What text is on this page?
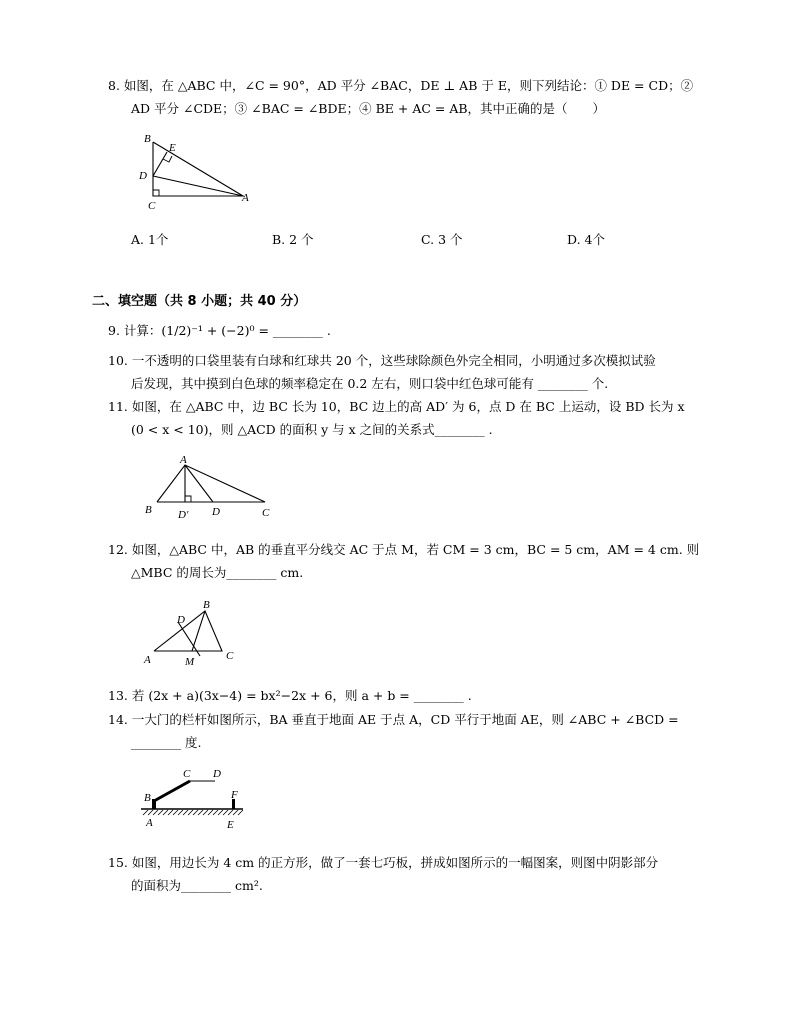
8. 如图，在 △ABC 中，∠C = 90°，AD 平分 ∠BAC，DE ⊥ AB 于 E，则下列结论：① DE = CD；②
AD 平分 ∠CDE；③ ∠BAC = ∠BDE；④ BE + AC = AB，其中正确的是（　　）
B
E
D
C
A
A. 1个	B. 2 个	C. 3 个	D. 4个
二、填空题（共 8 小题；共 40 分）
9. 计算：(1/2)⁻¹ + (−2)⁰ = ________ .
10. 一不透明的口袋里装有白球和红球共 20 个，这些球除颜色外完全相同，小明通过多次模拟试验
后发现，其中摸到白色球的频率稳定在 0.2 左右，则口袋中红色球可能有 ________ 个.
11. 如图，在 △ABC 中，边 BC 长为 10，BC 边上的高 AD′ 为 6，点 D 在 BC 上运动，设 BD 长为 x
(0 < x < 10)，则 △ACD 的面积 y 与 x 之间的关系式________ .
A
B D′ D	C
12. 如图，△ABC 中，AB 的垂直平分线交 AC 于点 M，若 CM = 3 cm，BC = 5 cm，AM = 4 cm. 则
△MBC 的周长为________ cm.
B
D
A	M	C
13. 若 (2x + a)(3x−4) = bx²−2x + 6，则 a + b = ________ .
14. 一大门的栏杆如图所示，BA 垂直于地面 AE 于点 A，CD 平行于地面 AE，则 ∠ABC + ∠BCD =
________ 度.
C D
B	F
A	E
15. 如图，用边长为 4 cm 的正方形，做了一套七巧板，拼成如图所示的一幅图案，则图中阴影部分
的面积为________ cm².
